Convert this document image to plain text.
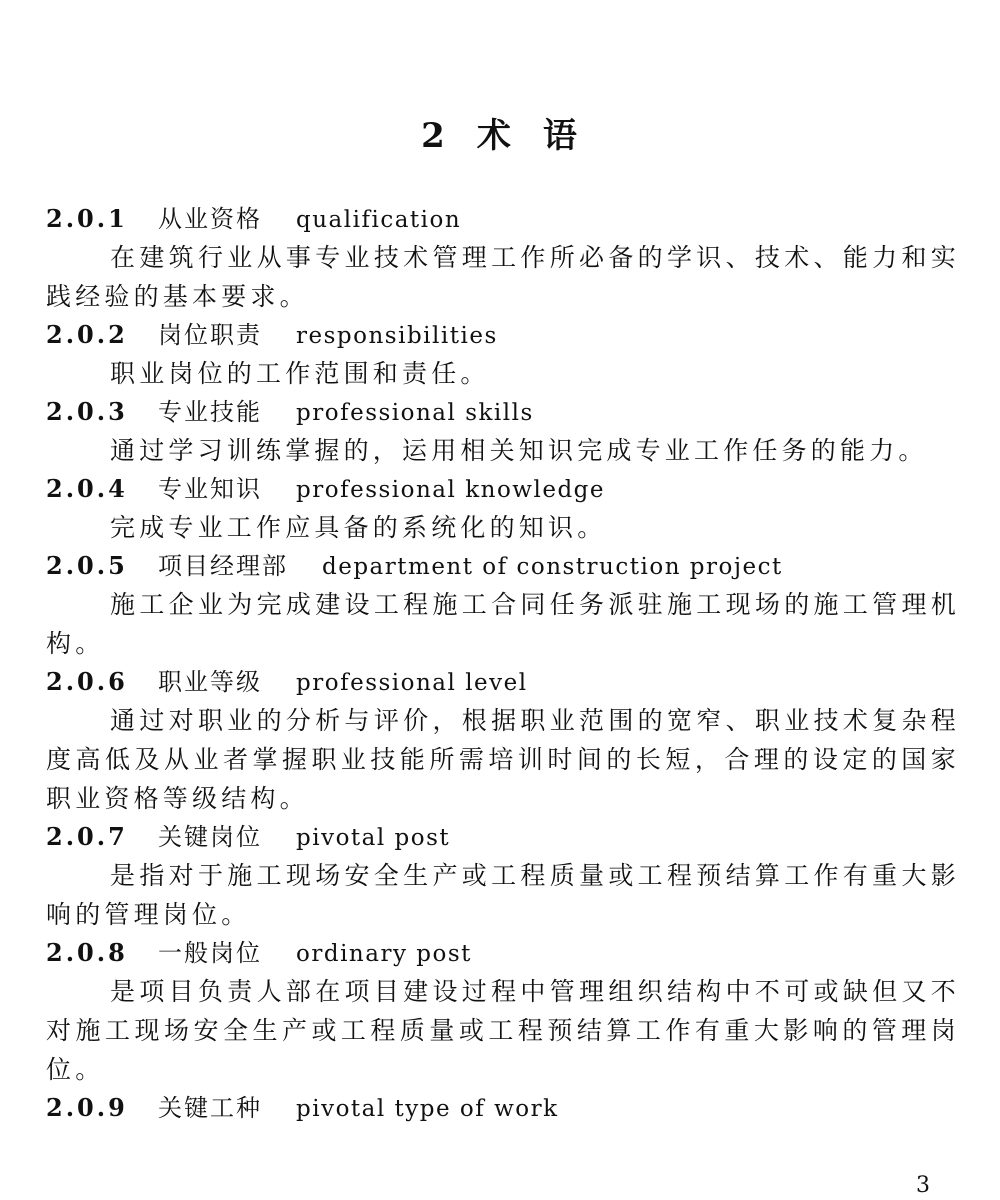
2 术 语
2.0.1 从业资格 qualification

在建筑行业从事专业技术管理工作所必备的学识、技术、能力和实践经验的基本要求。

2.0.2 岗位职责 responsibilities

职业岗位的工作范围和责任。

2.0.3 专业技能 professional skills

通过学习训练掌握的，运用相关知识完成专业工作任务的能力。

2.0.4 专业知识 professional knowledge

完成专业工作应具备的系统化的知识。

2.0.5 项目经理部 department of construction project

施工企业为完成建设工程施工合同任务派驻施工现场的施工管理机构。

2.0.6 职业等级 professional level

通过对职业的分析与评价，根据职业范围的宽窄、职业技术复杂程度高低及从业者掌握职业技能所需培训时间的长短，合理的设定的国家职业资格等级结构。

2.0.7 关键岗位 pivotal post

是指对于施工现场安全生产或工程质量或工程预结算工作有重大影响的管理岗位。

2.0.8 一般岗位 ordinary post

是项目负责人部在项目建设过程中管理组织结构中不可或缺但又不对施工现场安全生产或工程质量或工程预结算工作有重大影响的管理岗位。

2.0.9 关键工种 pivotal type of work
3
